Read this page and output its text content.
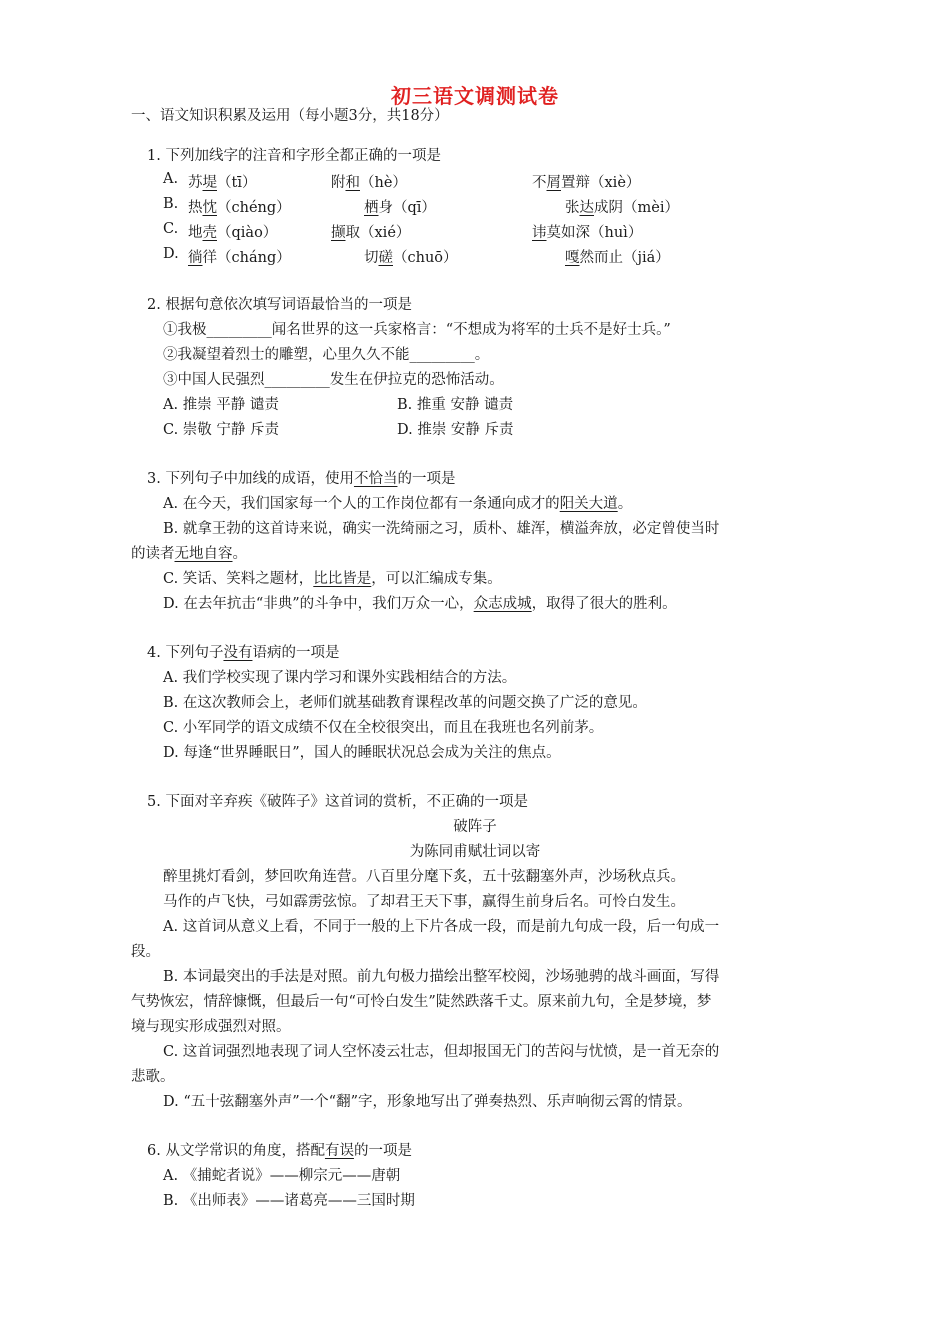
初三语文调测试卷
一、语文知识积累及运用（每小题3分，共18分）
1. 下列加线字的注音和字形全都正确的一项是
A. 苏堤（tī）	附和（hè）	不屑置辩（xiè）
B. 热忱（chéng）	栖身（qī）	张达成阴（mèi）
C. 地壳（qiào）	撷取（xié）	讳莫如深（huì）
D. 徜徉（cháng）	切磋（chuō）	嘎然而止（jiá）
2. 根据句意依次填写词语最恰当的一项是
①我极_________闻名世界的这一兵家格言：“不想成为将军的士兵不是好士兵。”
②我凝望着烈士的雕塑，心里久久不能_________。
③中国人民强烈_________发生在伊拉克的恐怖活动。
A. 推崇 平静 谴责	B. 推重 安静 谴责
C. 崇敬 宁静 斥责	D. 推崇 安静 斥责
3. 下列句子中加线的成语，使用不恰当的一项是
A. 在今天，我们国家每一个人的工作岗位都有一条通向成才的阳关大道。
B. 就拿王勃的这首诗来说，确实一洗绮丽之习，质朴、雄浑，横溢奔放，必定曾使当时
的读者无地自容。
C. 笑话、笑料之题材，比比皆是，可以汇编成专集。
D. 在去年抗击“非典”的斗争中，我们万众一心，众志成城，取得了很大的胜利。
4. 下列句子没有语病的一项是
A. 我们学校实现了课内学习和课外实践相结合的方法。
B. 在这次教师会上，老师们就基础教育课程改革的问题交换了广泛的意见。
C. 小军同学的语文成绩不仅在全校很突出，而且在我班也名列前茅。
D. 每逢“世界睡眠日”，国人的睡眠状况总会成为关注的焦点。
5. 下面对辛弃疾《破阵子》这首词的赏析，不正确的一项是
破阵子
为陈同甫赋壮词以寄
醉里挑灯看剑，梦回吹角连营。八百里分麾下炙，五十弦翻塞外声，沙场秋点兵。
马作的卢飞快，弓如霹雳弦惊。了却君王天下事，赢得生前身后名。可怜白发生。
A. 这首词从意义上看，不同于一般的上下片各成一段，而是前九句成一段，后一句成一
段。
B. 本词最突出的手法是对照。前九句极力描绘出整军校阅，沙场驰骋的战斗画面，写得
气势恢宏，情辞慷慨，但最后一句“可怜白发生”陡然跌落千丈。原来前九句，全是梦境，梦
境与现实形成强烈对照。
C. 这首词强烈地表现了词人空怀凌云壮志，但却报国无门的苦闷与忧愤，是一首无奈的
悲歌。
D. “五十弦翻塞外声”一个“翻”字，形象地写出了弹奏热烈、乐声响彻云霄的情景。
6. 从文学常识的角度，搭配有误的一项是
A. 《捕蛇者说》——柳宗元——唐朝
B. 《出师表》——诸葛亮——三国时期
